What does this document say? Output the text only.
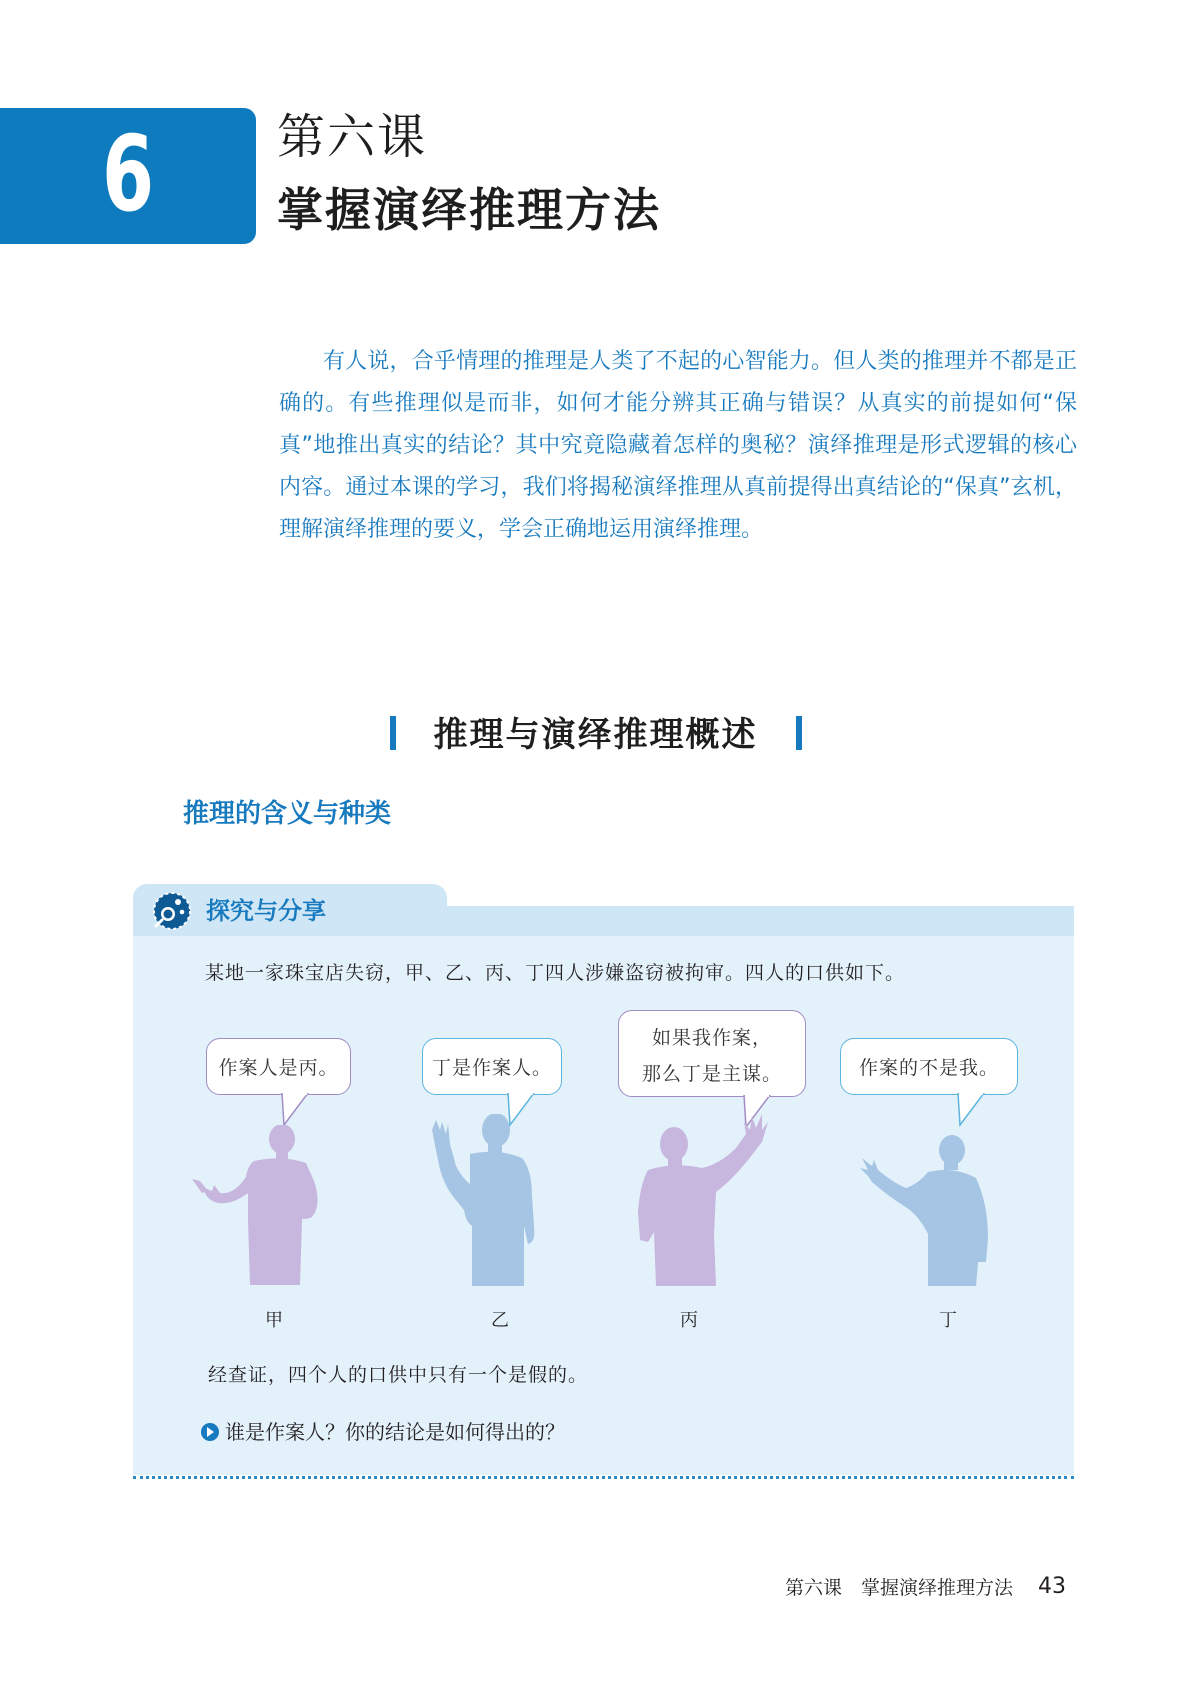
6	第六课
掌握演绎推理方法

有人说，合乎情理的推理是人类了不起的心智能力。但人类的推理并不都是正确的。有些推理似是而非，如何才能分辨其正确与错误？从真实的前提如何“保真”地推出真实的结论？其中究竟隐藏着怎样的奥秘？演绎推理是形式逻辑的核心内容。通过本课的学习，我们将揭秘演绎推理从真前提得出真结论的“保真”玄机，理解演绎推理的要义，学会正确地运用演绎推理。

推理与演绎推理概述
推理的含义与种类
探究与分享
某地一家珠宝店失窃，甲、乙、丙、丁四人涉嫌盗窃被拘审。四人的口供如下。
作案人是丙。	丁是作案人。
如果我作案，
那么丁是主谋。	作案的不是我。
甲	乙	丙	丁
经查证，四个人的口供中只有一个是假的。
谁是作案人？你的结论是如何得出的？
第六课　掌握演绎推理方法 43
